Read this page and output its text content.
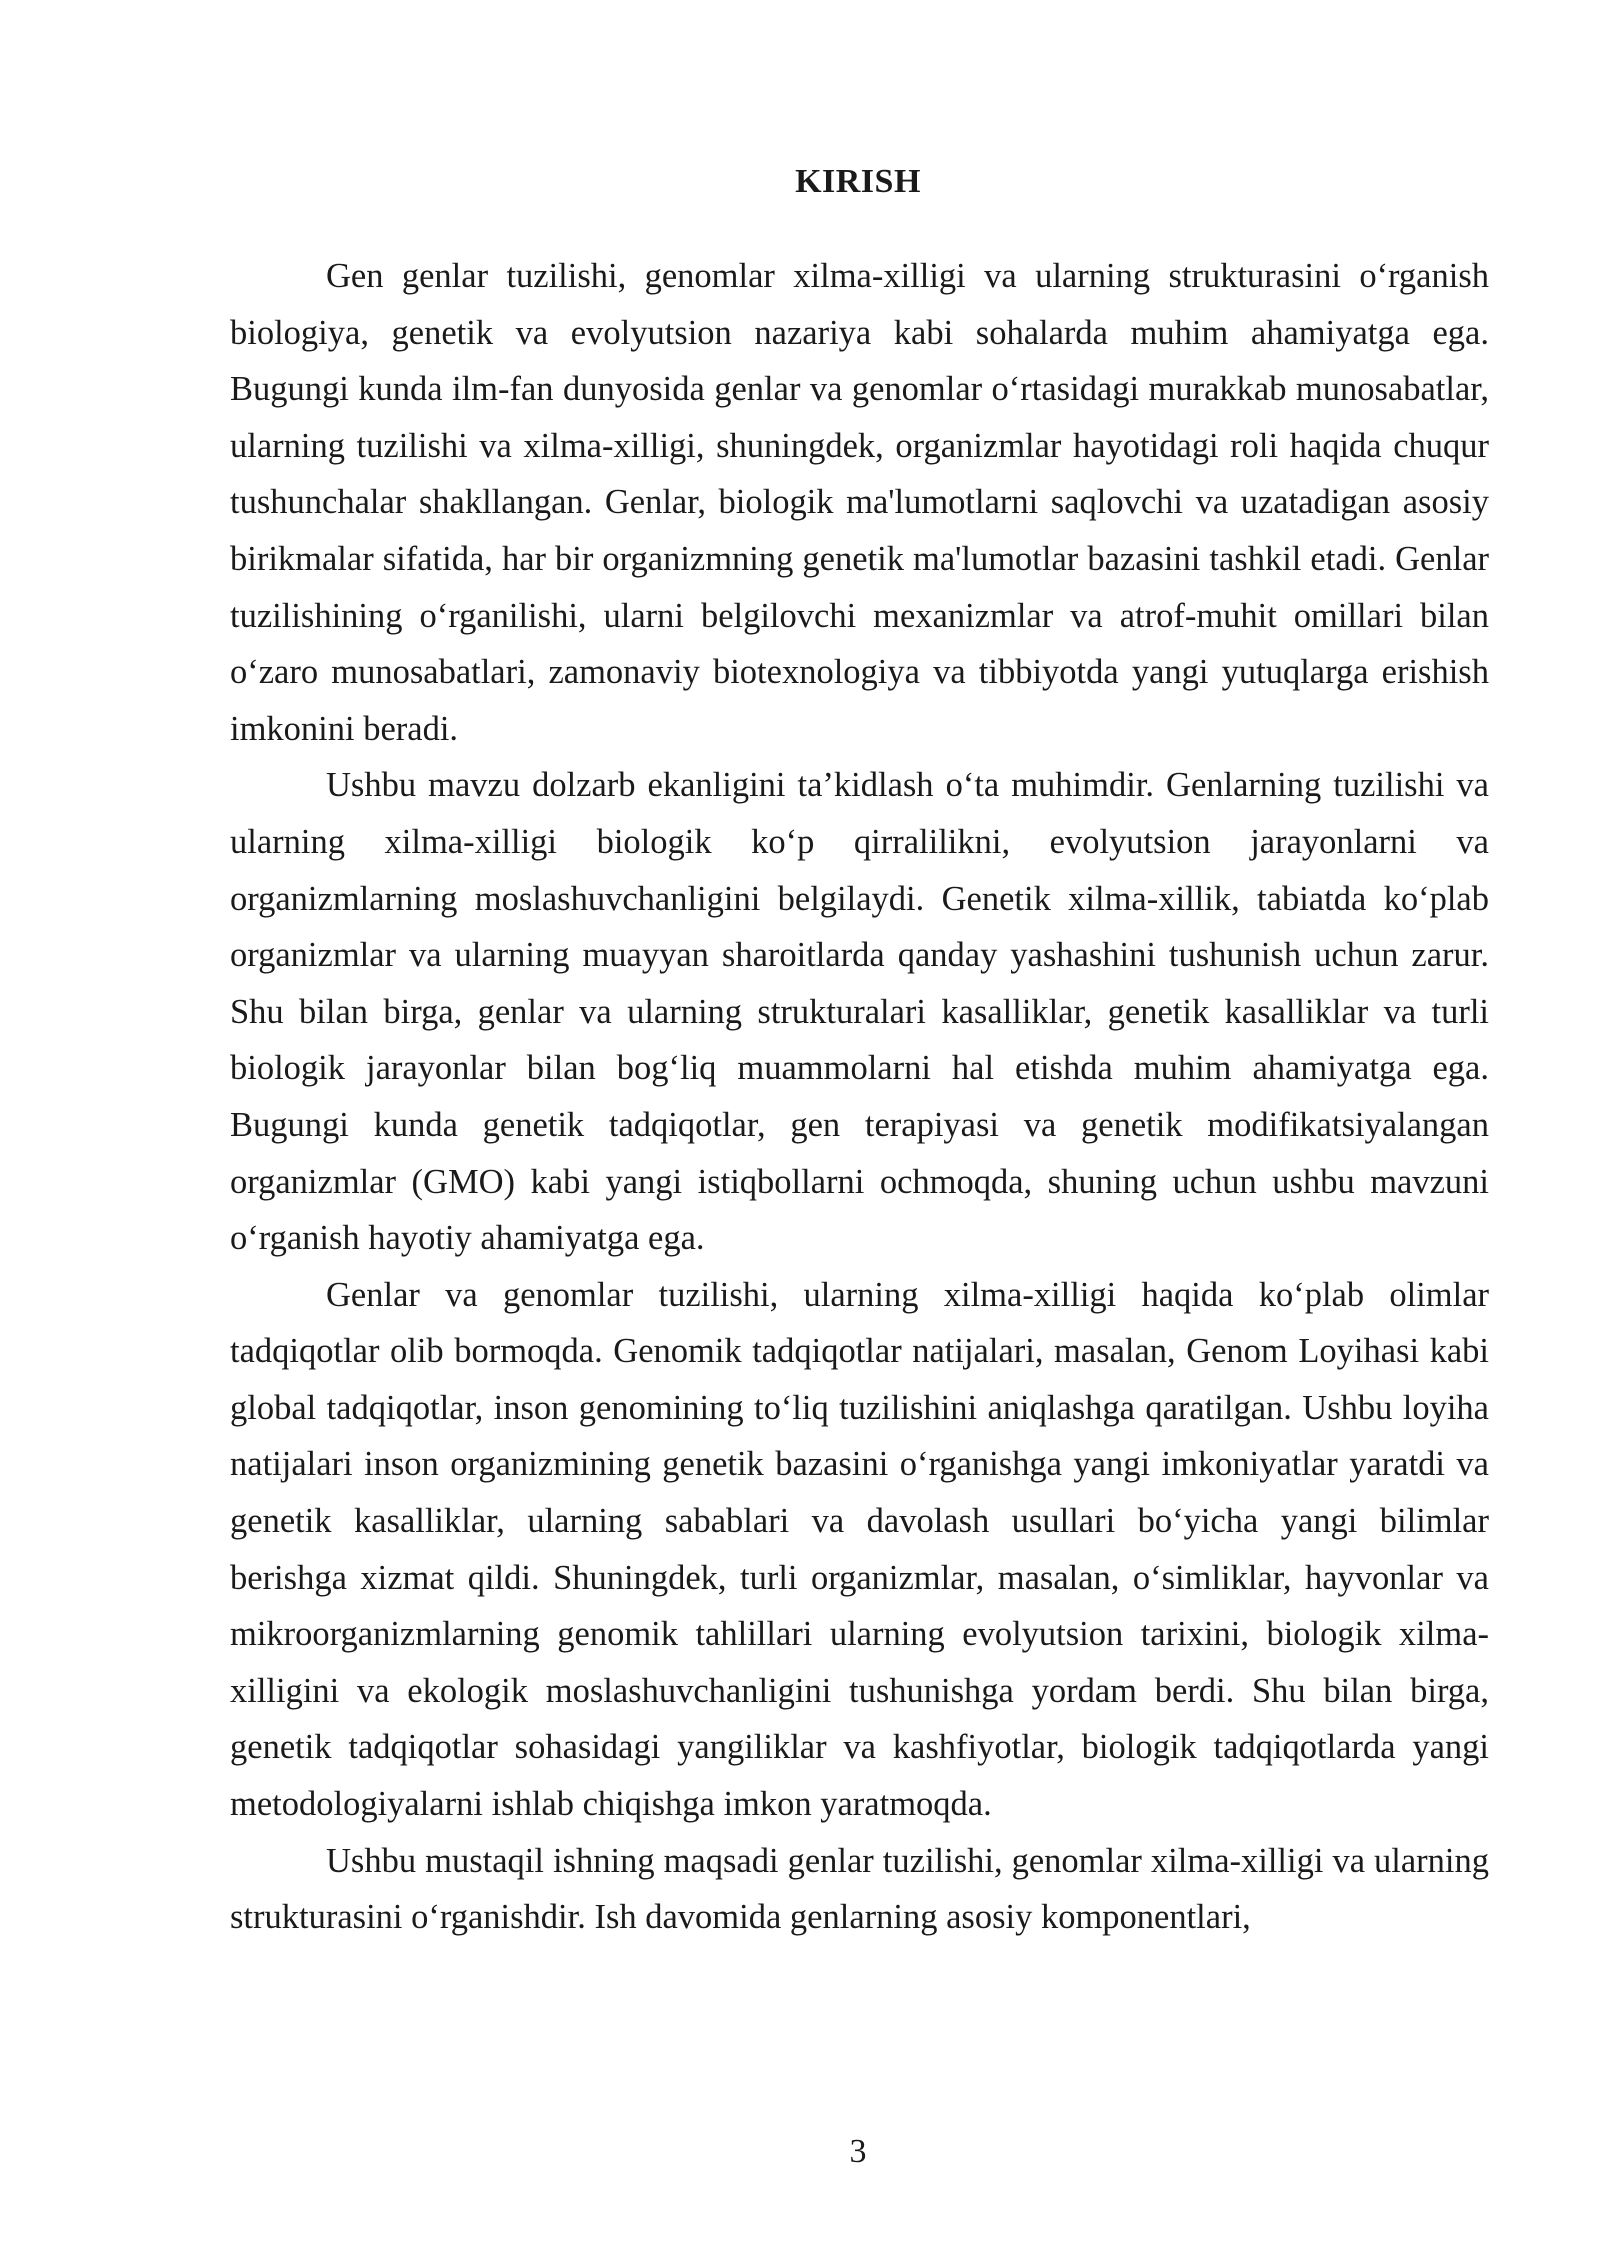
KIRISH

Gen genlar tuzilishi, genomlar xilma-xilligi va ularning strukturasini o‘rganish biologiya, genetik va evolyutsion nazariya kabi sohalarda muhim ahamiyatga ega. Bugungi kunda ilm-fan dunyosida genlar va genomlar o‘rtasidagi murakkab munosabatlar, ularning tuzilishi va xilma-xilligi, shuningdek, organizmlar hayotidagi roli haqida chuqur tushunchalar shakllangan. Genlar, biologik ma'lumotlarni saqlovchi va uzatadigan asosiy birikmalar sifatida, har bir organizmning genetik ma'lumotlar bazasini tashkil etadi. Genlar tuzilishining o‘rganilishi, ularni belgilovchi mexanizmlar va atrof-muhit omillari bilan o‘zaro munosabatlari, zamonaviy biotexnologiya va tibbiyotda yangi yutuqlarga erishish imkonini beradi.

Ushbu mavzu dolzarb ekanligini ta’kidlash o‘ta muhimdir. Genlarning tuzilishi va ularning xilma-xilligi biologik ko‘p qirralilikni, evolyutsion jarayonlarni va organizmlarning moslashuvchanligini belgilaydi. Genetik xilma-xillik, tabiatda ko‘plab organizmlar va ularning muayyan sharoitlarda qanday yashashini tushunish uchun zarur. Shu bilan birga, genlar va ularning strukturalari kasalliklar, genetik kasalliklar va turli biologik jarayonlar bilan bog‘liq muammolarni hal etishda muhim ahamiyatga ega. Bugungi kunda genetik tadqiqotlar, gen terapiyasi va genetik modifikatsiyalangan organizmlar (GMO) kabi yangi istiqbollarni ochmoqda, shuning uchun ushbu mavzuni o‘rganish hayotiy ahamiyatga ega.

Genlar va genomlar tuzilishi, ularning xilma-xilligi haqida ko‘plab olimlar tadqiqotlar olib bormoqda. Genomik tadqiqotlar natijalari, masalan, Genom Loyihasi kabi global tadqiqotlar, inson genomining to‘liq tuzilishini aniqlashga qaratilgan. Ushbu loyiha natijalari inson organizmining genetik bazasini o‘rganishga yangi imkoniyatlar yaratdi va genetik kasalliklar, ularning sabablari va davolash usullari bo‘yicha yangi bilimlar berishga xizmat qildi. Shuningdek, turli organizmlar, masalan, o‘simliklar, hayvonlar va mikroorganizmlarning genomik tahlillari ularning evolyutsion tarixini, biologik xilma-xilligini va ekologik moslashuvchanligini tushunishga yordam berdi. Shu bilan birga, genetik tadqiqotlar sohasidagi yangiliklar va kashfiyotlar, biologik tadqiqotlarda yangi metodologiyalarni ishlab chiqishga imkon yaratmoqda.

Ushbu mustaqil ishning maqsadi genlar tuzilishi, genomlar xilma-xilligi va ularning strukturasini o‘rganishdir. Ish davomida genlarning asosiy komponentlari,

3
